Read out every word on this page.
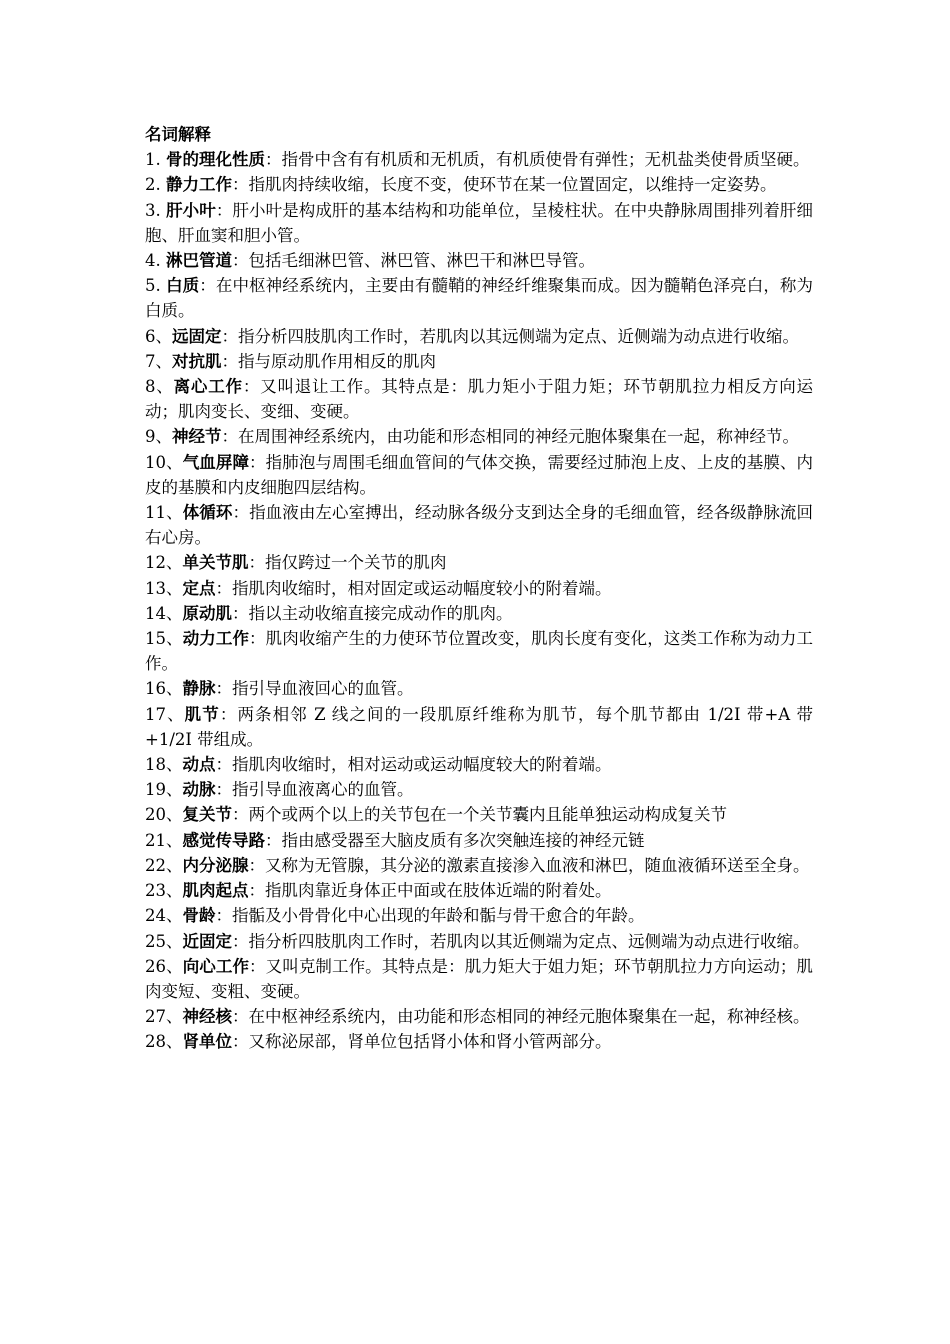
名词解释

1. 骨的理化性质：指骨中含有有机质和无机质，有机质使骨有弹性；无机盐类使骨质坚硬。

2. 静力工作：指肌肉持续收缩，长度不变，使环节在某一位置固定，以维持一定姿势。

3. 肝小叶：肝小叶是构成肝的基本结构和功能单位，呈棱柱状。在中央静脉周围排列着肝细胞、肝血窦和胆小管。

4. 淋巴管道：包括毛细淋巴管、淋巴管、淋巴干和淋巴导管。

5. 白质：在中枢神经系统内，主要由有髓鞘的神经纤维聚集而成。因为髓鞘色泽亮白，称为白质。

6、远固定：指分析四肢肌肉工作时，若肌肉以其远侧端为定点、近侧端为动点进行收缩。

7、对抗肌：指与原动肌作用相反的肌肉

8、离心工作：又叫退让工作。其特点是：肌力矩小于阻力矩；环节朝肌拉力相反方向运动；肌肉变长、变细、变硬。

9、神经节：在周围神经系统内，由功能和形态相同的神经元胞体聚集在一起，称神经节。

10、气血屏障：指肺泡与周围毛细血管间的气体交换，需要经过肺泡上皮、上皮的基膜、内皮的基膜和内皮细胞四层结构。

11、体循环：指血液由左心室搏出，经动脉各级分支到达全身的毛细血管，经各级静脉流回右心房。

12、单关节肌：指仅跨过一个关节的肌肉

13、定点：指肌肉收缩时，相对固定或运动幅度较小的附着端。

14、原动肌：指以主动收缩直接完成动作的肌肉。

15、动力工作：肌肉收缩产生的力使环节位置改变，肌肉长度有变化，这类工作称为动力工作。

16、静脉：指引导血液回心的血管。

17、肌节：两条相邻 Z 线之间的一段肌原纤维称为肌节，每个肌节都由 1/2I 带+A 带+1/2I 带组成。

18、动点：指肌肉收缩时，相对运动或运动幅度较大的附着端。

19、动脉：指引导血液离心的血管。

20、复关节：两个或两个以上的关节包在一个关节囊内且能单独运动构成复关节

21、感觉传导路：指由感受器至大脑皮质有多次突触连接的神经元链

22、内分泌腺：又称为无管腺，其分泌的激素直接渗入血液和淋巴，随血液循环送至全身。

23、肌肉起点：指肌肉靠近身体正中面或在肢体近端的附着处。

24、骨龄：指骺及小骨骨化中心出现的年龄和骺与骨干愈合的年龄。

25、近固定：指分析四肢肌肉工作时，若肌肉以其近侧端为定点、远侧端为动点进行收缩。

26、向心工作：又叫克制工作。其特点是：肌力矩大于姐力矩；环节朝肌拉力方向运动；肌肉变短、变粗、变硬。

27、神经核：在中枢神经系统内，由功能和形态相同的神经元胞体聚集在一起，称神经核。

28、肾单位：又称泌尿部，肾单位包括肾小体和肾小管两部分。
